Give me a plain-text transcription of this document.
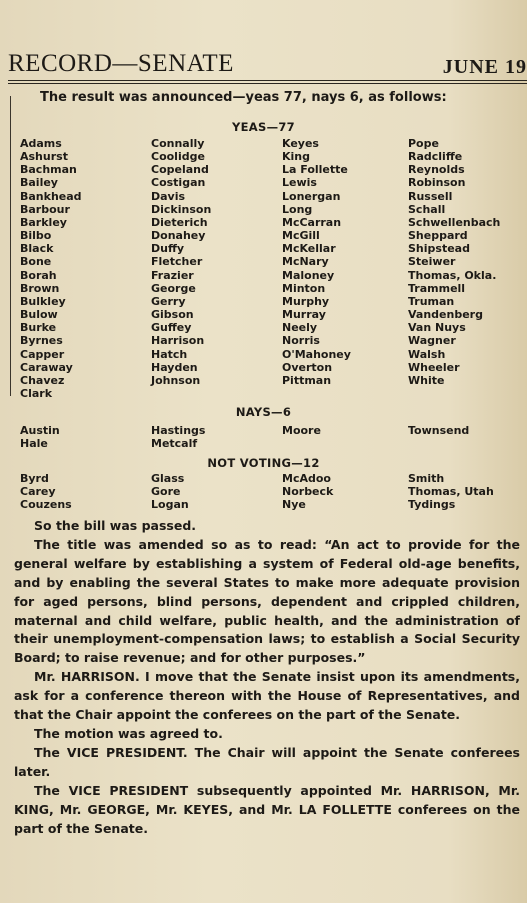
RECORD—SENATE	JUNE 19
The result was announced—yeas 77, nays 6, as follows:
YEAS—77
Adams
Ashurst
Bachman
Bailey
Bankhead
Barbour
Barkley
Bilbo
Black
Bone
Borah
Brown
Bulkley
Bulow
Burke
Byrnes
Capper
Caraway
Chavez
Clark
Connally
Coolidge
Copeland
Costigan
Davis
Dickinson
Dieterich
Donahey
Duffy
Fletcher
Frazier
George
Gerry
Gibson
Guffey
Harrison
Hatch
Hayden
Johnson
Keyes
King
La Follette
Lewis
Lonergan
Long
McCarran
McGill
McKellar
McNary
Maloney
Minton
Murphy
Murray
Neely
Norris
O'Mahoney
Overton
Pittman
Pope
Radcliffe
Reynolds
Robinson
Russell
Schall
Schwellenbach
Sheppard
Shipstead
Steiwer
Thomas, Okla.
Trammell
Truman
Vandenberg
Van Nuys
Wagner
Walsh
Wheeler
White
NAYS—6
Austin
Hale
Hastings
Metcalf
Moore	Townsend
NOT VOTING—12
Byrd
Carey
Couzens
Glass
Gore
Logan
McAdoo
Norbeck
Nye
Smith
Thomas, Utah
Tydings

So the bill was passed.

The title was amended so as to read: “An act to provide for the general welfare by establishing a system of Federal old-age benefits, and by enabling the several States to make more adequate provision for aged persons, blind persons, dependent and crippled children, maternal and child welfare, public health, and the administration of their unemployment-compensation laws; to establish a Social Security Board; to raise revenue; and for other purposes.”

Mr. HARRISON. I move that the Senate insist upon its amendments, ask for a conference thereon with the House of Representatives, and that the Chair appoint the conferees on the part of the Senate.

The motion was agreed to.

The VICE PRESIDENT. The Chair will appoint the Senate conferees later.

The VICE PRESIDENT subsequently appointed Mr. HARRISON, Mr. KING, Mr. GEORGE, Mr. KEYES, and Mr. LA FOLLETTE conferees on the part of the Senate.
